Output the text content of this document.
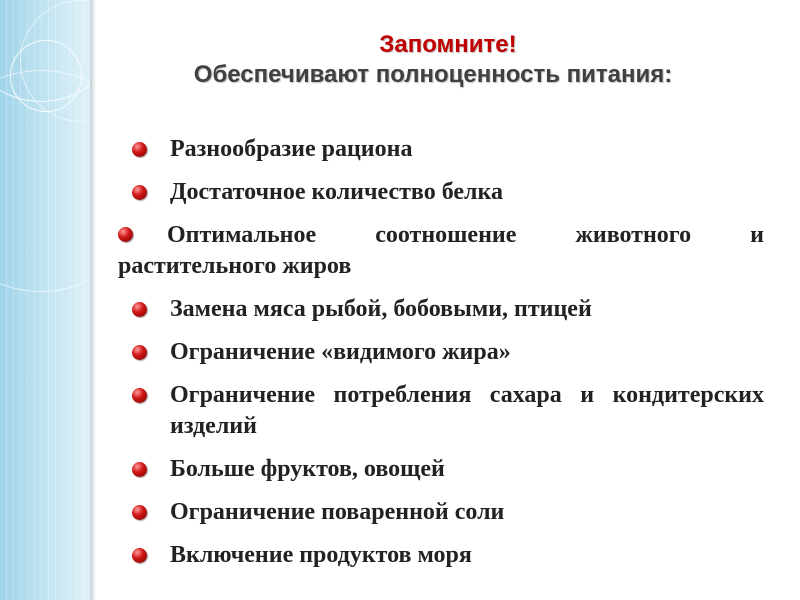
Запомните!
Обеспечивают полноценность питания:
Разнообразие рациона
Достаточное количество белка
Оптимальное соотношение животного и растительного жиров
Замена мяса рыбой, бобовыми, птицей
Ограничение «видимого жира»
Ограничение потребления сахара и кондитерских изделий
Больше фруктов, овощей
Ограничение поваренной соли
Включение продуктов моря
